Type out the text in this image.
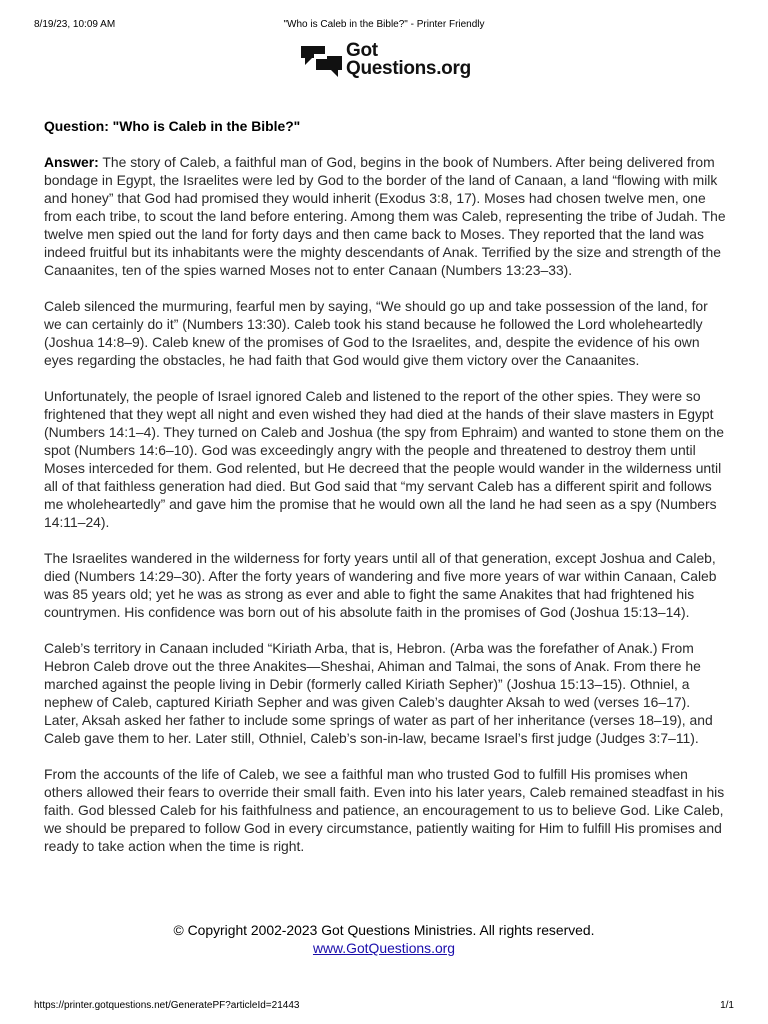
8/19/23, 10:09 AM	"Who is Caleb in the Bible?" - Printer Friendly
Got
Questions.org

Question: "Who is Caleb in the Bible?"

Answer: The story of Caleb, a faithful man of God, begins in the book of Numbers. After being delivered from bondage in Egypt, the Israelites were led by God to the border of the land of Canaan, a land “flowing with milk and honey” that God had promised they would inherit (Exodus 3:8, 17). Moses had chosen twelve men, one from each tribe, to scout the land before entering. Among them was Caleb, representing the tribe of Judah. The twelve men spied out the land for forty days and then came back to Moses. They reported that the land was indeed fruitful but its inhabitants were the mighty descendants of Anak. Terrified by the size and strength of the Canaanites, ten of the spies warned Moses not to enter Canaan (Numbers 13:23–33).

Caleb silenced the murmuring, fearful men by saying, “We should go up and take possession of the land, for we can certainly do it” (Numbers 13:30). Caleb took his stand because he followed the Lord wholeheartedly (Joshua 14:8–9). Caleb knew of the promises of God to the Israelites, and, despite the evidence of his own eyes regarding the obstacles, he had faith that God would give them victory over the Canaanites.

Unfortunately, the people of Israel ignored Caleb and listened to the report of the other spies. They were so frightened that they wept all night and even wished they had died at the hands of their slave masters in Egypt (Numbers 14:1–4). They turned on Caleb and Joshua (the spy from Ephraim) and wanted to stone them on the spot (Numbers 14:6–10). God was exceedingly angry with the people and threatened to destroy them until Moses interceded for them. God relented, but He decreed that the people would wander in the wilderness until all of that faithless generation had died. But God said that “my servant Caleb has a different spirit and follows me wholeheartedly” and gave him the promise that he would own all the land he had seen as a spy (Numbers 14:11–24).

The Israelites wandered in the wilderness for forty years until all of that generation, except Joshua and Caleb, died (Numbers 14:29–30). After the forty years of wandering and five more years of war within Canaan, Caleb was 85 years old; yet he was as strong as ever and able to fight the same Anakites that had frightened his countrymen. His confidence was born out of his absolute faith in the promises of God (Joshua 15:13–14).

Caleb’s territory in Canaan included “Kiriath Arba, that is, Hebron. (Arba was the forefather of Anak.) From Hebron Caleb drove out the three Anakites—Sheshai, Ahiman and Talmai, the sons of Anak. From there he marched against the people living in Debir (formerly called Kiriath Sepher)” (Joshua 15:13–15). Othniel, a nephew of Caleb, captured Kiriath Sepher and was given Caleb’s daughter Aksah to wed (verses 16–17). Later, Aksah asked her father to include some springs of water as part of her inheritance (verses 18–19), and Caleb gave them to her. Later still, Othniel, Caleb’s son-in-law, became Israel’s first judge (Judges 3:7–11).

From the accounts of the life of Caleb, we see a faithful man who trusted God to fulfill His promises when others allowed their fears to override their small faith. Even into his later years, Caleb remained steadfast in his faith. God blessed Caleb for his faithfulness and patience, an encouragement to us to believe God. Like Caleb, we should be prepared to follow God in every circumstance, patiently waiting for Him to fulfill His promises and ready to take action when the time is right.

© Copyright 2002-2023 Got Questions Ministries. All rights reserved.
www.GotQuestions.org
https://printer.gotquestions.net/GeneratePF?articleId=21443	1/1
